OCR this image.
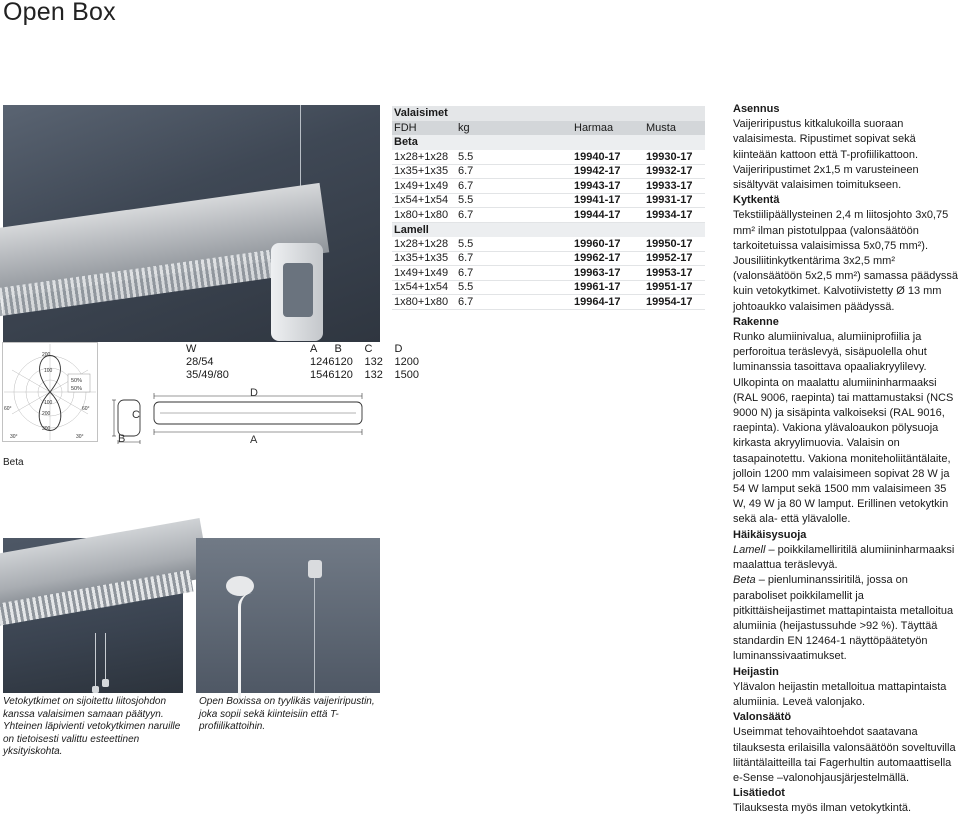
Open Box
Valaisimet			
FDH	kg	Harmaa	Musta
Beta			
1x28+1x28	5.5	19940-17	19930-17
1x35+1x35	6.7	19942-17	19932-17
1x49+1x49	6.7	19943-17	19933-17
1x54+1x54	5.5	19941-17	19931-17
1x80+1x80	6.7	19944-17	19934-17
Lamell			
1x28+1x28	5.5	19960-17	19950-17
1x35+1x35	6.7	19962-17	19952-17
1x49+1x49	6.7	19963-17	19953-17
1x54+1x54	5.5	19961-17	19951-17
1x80+1x80	6.7	19964-17	19954-17

Asennus

Vaijeriripustus kitkalukoilla suoraan valaisimesta. Ripustimet sopivat sekä kiinteään kattoon että T-profiilikattoon. Vaijeriripustimet 2x1,5 m varusteineen sisältyvät valaisimen toimitukseen.

Kytkentä

Tekstiilipäällysteinen 2,4 m liitosjohto 3x0,75 mm² ilman pistotulppaa (valonsäätöön tarkoitetuissa valaisimissa 5x0,75 mm²). Jousiliitinkytkentärima 3x2,5 mm² (valonsäätöön 5x2,5 mm²) samassa päädyssä kuin vetokytkimet. Kalvotiivistetty Ø 13 mm johtoaukko valaisimen päädyssä.

Rakenne

Runko alumiinivalua, alumiiniprofiilia ja perforoitua teräslevyä, sisäpuolella ohut luminanssia tasoittava opaaliakryylilevy. Ulkopinta on maalattu alumiininharmaaksi (RAL 9006, raepinta) tai mattamustaksi (NCS 9000 N) ja sisäpinta valkoiseksi (RAL 9016, raepinta). Vakiona ylävaloaukon pölysuoja kirkasta akryylimuovia. Valaisin on tasapainotettu. Vakiona moniteholiitäntälaite, jolloin 1200 mm valaisimeen sopivat 28 W ja 54 W lamput sekä 1500 mm valaisimeen 35 W, 49 W ja 80 W lamput. Erillinen vetokytkin sekä ala- että ylävalolle.

Häikäisysuoja

Lamell – poikkilamelliritilä alumiininharmaaksi maalattua teräslevyä.

Beta – pienluminanssiritilä, jossa on paraboliset poikkilamellit ja pitkittäisheijastimet mattapintaista metalloitua alumiinia (heijastussuhde >92 %). Täyttää standardin EN 12464-1 näyttöpäätetyön luminanssivaatimukset.

Heijastin

Ylävalon heijastin metalloitua mattapintaista alumiinia. Leveä valonjako.

Valonsäätö

Useimmat tehovaihtoehdot saatavana tilauksesta erilaisilla valonsäätöön soveltuvilla liitäntälaitteilla tai Fagerhultin automaattisella e-Sense –valonohjausjärjestelmällä.

Lisätiedot

Tilauksesta myös ilman vetokytkintä.

200
100
100
200
300
60°
30°
60°
30°
50%
50%
Beta
W	A	B	C	D
28/54	1246	120	132	1200
35/49/80	1546	120	132	1500
C
B
D
A
Vetokytkimet on sijoitettu liitosjohdon kanssa valaisimen samaan päätyyn. Yhteinen läpivienti vetokytkimen naruille on tietoisesti valittu esteettinen yksityiskohta.
Open Boxissa on tyylikäs vaijeriripustin, joka sopii sekä kiinteisiin että T-profiilikattoihin.
